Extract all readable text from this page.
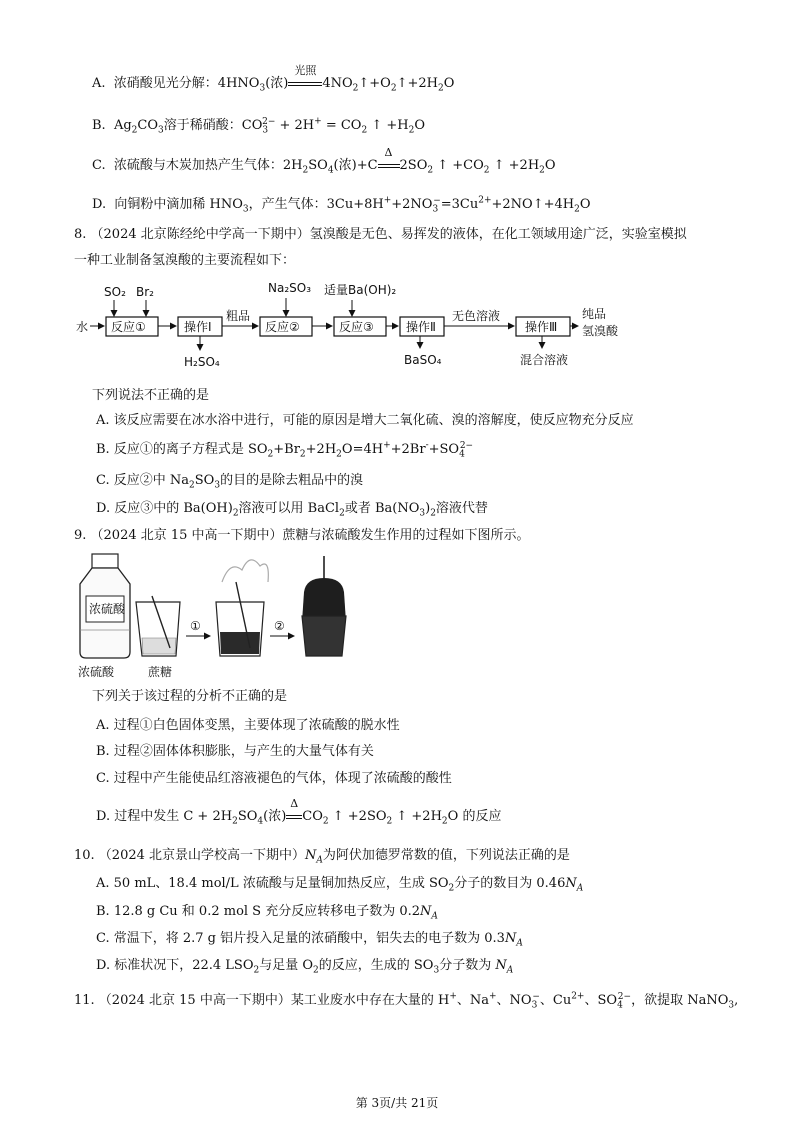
A. 浓硝酸见光分解：$4HNO_3$(浓)
光照
$4NO_2↑+O_2↑+2H_2O$
B. $Ag_2CO_3$溶于稀硝酸：$CO_3^{2-} + 2H^+ = CO_2$ ↑ $+H_2O$
C. 浓硫酸与木炭加热产生气体：$2H_2SO_4$(浓)+C
Δ
$2SO_2$ ↑ $+CO_2$ ↑ $+2H_2O$
D. 向铜粉中滴加稀 $HNO_3$，产生气体：$3Cu+8H^++2NO_3^-=3Cu^{2+}+2NO↑+4H_2O$
8. （2024 北京陈经纶中学高一下期中）氢溴酸是无色、易挥发的液体，在化工领域用途广泛，实验室模拟
一种工业制备氢溴酸的主要流程如下：
SO₂ Br₂
水 反应①	操作Ⅰ
H₂SO₄
粗品
Na₂SO₃
反应②
适量Ba(OH)₂
反应③	操作Ⅱ
BaSO₄
无色溶液
操作Ⅲ
混合溶液
纯品
氢溴酸
下列说法不正确的是
A. 该反应需要在冰水浴中进行，可能的原因是增大二氧化硫、溴的溶解度，使反应物充分反应
B. 反应①的离子方程式是 $SO_2+Br_2+2H_2O=4H^++2Br^-+SO_4^{2-}$
C. 反应②中 $Na_2SO_3$的目的是除去粗品中的溴
D. 反应③中的 $Ba(OH)_2$溶液可以用 BaCl$_2$或者 $Ba(NO_3)_2$溶液代替
9. （2024 北京 15 中高一下期中）蔗糖与浓硫酸发生作用的过程如下图所示。
浓硫酸
浓硫酸	蔗糖
①	②
下列关于该过程的分析不正确的是
A. 过程①白色固体变黑，主要体现了浓硫酸的脱水性
B. 过程②固体体积膨胀，与产生的大量气体有关
C. 过程中产生能使品红溶液褪色的气体，体现了浓硫酸的酸性
D. 过程中发生 $C + 2H_2SO_4$(浓)
Δ
$CO_2$ ↑ $+2SO_2$ ↑ $+2H_2O$ 的反应
10. （2024 北京景山学校高一下期中）$N_A$为阿伏加德罗常数的值，下列说法正确的是
A. 50 mL、18.4 mol/L 浓硫酸与足量铜加热反应，生成 $SO_2$分子的数目为 $0.46N_A$
B. 12.8 g Cu 和 0.2 mol S 充分反应转移电子数为 $0.2N_A$
C. 常温下，将 2.7 g 铝片投入足量的浓硝酸中，铝失去的电子数为 $0.3N_A$
D. 标准状况下，22.4 $LSO_2$与足量 $O_2$的反应，生成的 $SO_3$分子数为 $N_A$
11. （2024 北京 15 中高一下期中）某工业废水中存在大量的 H+、Na+、$NO_3^-$、$Cu^{2+}$、$SO_4^{2-}$，欲提取 NaNO$_3$,
第 3页/共 21页
